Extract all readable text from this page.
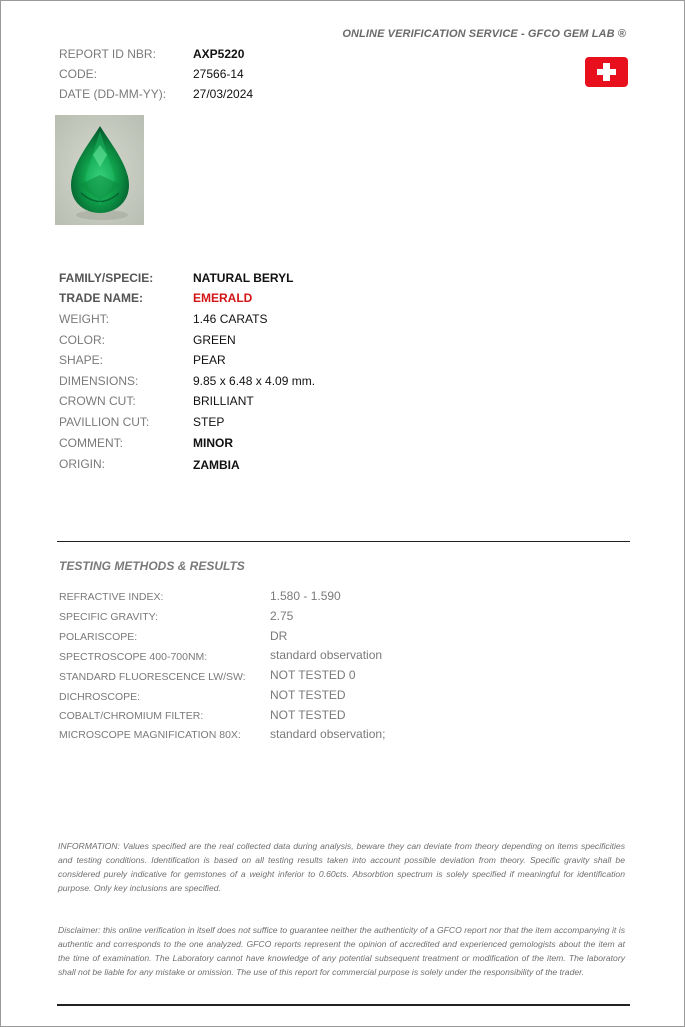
ONLINE VERIFICATION SERVICE - GFCO GEM LAB ®
REPORT ID NBR:	AXP5220
CODE:	27566-14
DATE (DD-MM-YY): 27/03/2024
FAMILY/SPECIE:	NATURAL BERYL
TRADE NAME:	EMERALD
WEIGHT:	1.46 CARATS
COLOR:	GREEN
SHAPE:	PEAR
DIMENSIONS:	9.85 x 6.48 x 4.09 mm.
CROWN CUT:	BRILLIANT
PAVILLION CUT:	STEP
COMMENT:	MINOR
ORIGIN:	ZAMBIA
TESTING METHODS & RESULTS
REFRACTIVE INDEX:	1.580 - 1.590
SPECIFIC GRAVITY:	2.75
POLARISCOPE:	DR
SPECTROSCOPE 400-700NM:	standard observation
STANDARD FLUORESCENCE LW/SW: NOT TESTED 0
DICHROSCOPE:	NOT TESTED
COBALT/CHROMIUM FILTER:	NOT TESTED
MICROSCOPE MAGNIFICATION 80X: standard observation;
INFORMATION: Values specified are the real collected data during analysis, beware they can deviate from theory depending on items specificities and testing conditions. Identification is based on all testing results taken into account possible deviation from theory. Specific gravity shall be considered purely indicative for gemstones of a weight inferior to 0.60cts. Absorbtion spectrum is solely specified if meaningful for identification purpose. Only key inclusions are specified.
Disclaimer: this online verification in itself does not suffice to guarantee neither the authenticity of a GFCO report nor that the item accompanying it is authentic and corresponds to the one analyzed. GFCO reports represent the opinion of accredited and experienced gemologists about the item at the time of examination. The Laboratory cannot have knowledge of any potential subsequent treatment or modification of the item. The laboratory shall not be liable for any mistake or omission. The use of this report for commercial purpose is solely under the responsibility of the trader.
